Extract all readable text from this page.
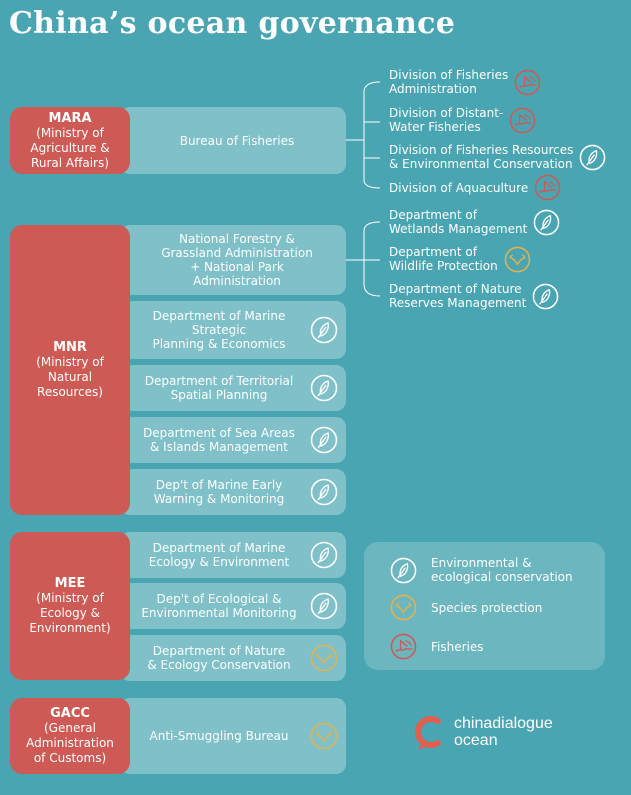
China’s ocean governance
MARA
(Ministry of
Agriculture &
Rural Affairs)
MNR
(Ministry of
Natural
Resources)
MEE
(Ministry of
Ecology &
Environment)
GACC
(General
Administration
of Customs)
Bureau of Fisheries
National Forestry &
Grassland Administration
+ National Park
Administration
Department of Marine
Strategic
Planning & Economics
Department of Territorial
Spatial Planning
Department of Sea Areas
& Islands Management
Dep't of Marine Early
Warning & Monitoring
Department of Marine
Ecology & Environment
Dep't of Ecological &
Environmental Monitoring
Department of Nature
& Ecology Conservation
Anti-Smuggling Bureau
Division of Fisheries
Administration
Division of Distant-
Water Fisheries
Division of Fisheries Resources
& Environmental Conservation
Division of Aquaculture
Department of
Wetlands Management
Department of
Wildlife Protection
Department of Nature
Reserves Management
Environmental &
ecological conservation
Species protection
Fisheries
chinadialogue
ocean
